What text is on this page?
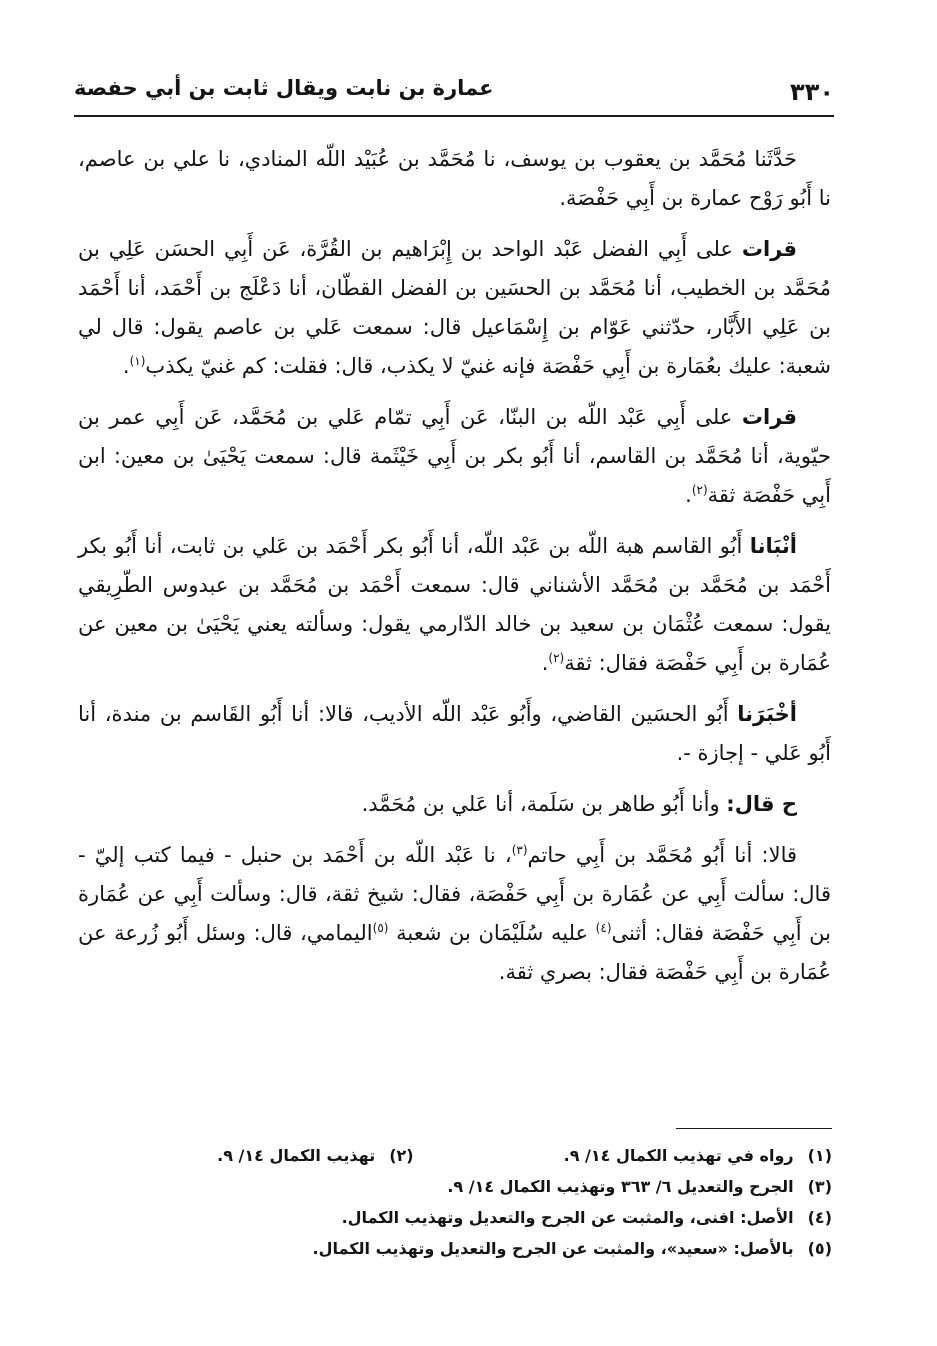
٣٣٠
عمارة بن نابت ويقال ثابت بن أبي حفصة

حَدَّثَنا مُحَمَّد بن يعقوب بن يوسف، نا مُحَمَّد بن عُبَيْد اللّه المنادي، نا علي بن عاصم، نا أَبُو رَوْح عمارة بن أَبِي حَفْصَة.

قرات على أَبِي الفضل عَبْد الواحد بن إِبْرَاهيم بن القُرَّة، عَن أَبِي الحسَن عَلِي بن مُحَمَّد بن الخطيب، أنا مُحَمَّد بن الحسَين بن الفضل القطّان، أنا دَعْلَج بن أَحْمَد، أنا أَحْمَد بن عَلِي الأَبَّار، حدّثني عَوّام بن إِسْمَاعيل قال: سمعت عَلي بن عاصم يقول: قال لي شعبة: عليك بعُمَارة بن أَبِي حَفْصَة فإنه غنيّ لا يكذب، قال: فقلت: كم غنيّ يكذب$^{(١)}$.

قرات على أَبِي عَبْد اللّه بن البنّا، عَن أَبِي تمّام عَلي بن مُحَمَّد، عَن أَبِي عمر بن حيّوية، أنا مُحَمَّد بن القاسم، أنا أَبُو بكر بن أَبِي خَيْثَمة قال: سمعت يَحْيَىٰ بن معين: ابن أَبِي حَفْصَة ثقة$^{(٢)}$.

أنْبَانا أَبُو القاسم هبة اللّه بن عَبْد اللّه، أنا أَبُو بكر أَحْمَد بن عَلي بن ثابت، أنا أَبُو بكر أَحْمَد بن مُحَمَّد بن مُحَمَّد الأشناني قال: سمعت أَحْمَد بن مُحَمَّد بن عبدوس الطّرِيقي يقول: سمعت عُثْمَان بن سعيد بن خالد الدّارمي يقول: وسألته يعني يَحْيَىٰ بن معين عن عُمَارة بن أَبِي حَفْصَة فقال: ثقة$^{(٢)}$.

أخْبَرَنا أَبُو الحسَين القاضي، وأَبُو عَبْد اللّه الأديب، قالا: أنا أَبُو القَاسم بن مندة، أنا أَبُو عَلي - إجازة -.

ح قال: وأنا أَبُو طاهر بن سَلَمة، أنا عَلي بن مُحَمَّد.

قالا: أنا أَبُو مُحَمَّد بن أَبِي حاتم$^{(٣)}$، نا عَبْد اللّه بن أَحْمَد بن حنبل - فيما كتب إليّ - قال: سألت أَبِي عن عُمَارة بن أَبِي حَفْصَة، فقال: شيخ ثقة، قال: وسألت أَبِي عن عُمَارة بن أَبِي حَفْصَة فقال: أثنى$^{(٤)}$ عليه سُلَيْمَان بن شعبة $^{(٥)}$اليمامي، قال: وسئل أَبُو زُرعة عن عُمَارة بن أَبِي حَفْصَة فقال: بصري ثقة.

(١)رواه في تهذيب الكمال ١٤/ ٩.
(٢)تهذيب الكمال ١٤/ ٩.
(٣)الجرح والتعديل ٦/ ٣٦٣ وتهذيب الكمال ١٤/ ٩.
(٤)الأصل: افنى، والمثبت عن الجرح والتعديل وتهذيب الكمال.
(٥)بالأصل: «سعيد»، والمثبت عن الجرح والتعديل وتهذيب الكمال.
